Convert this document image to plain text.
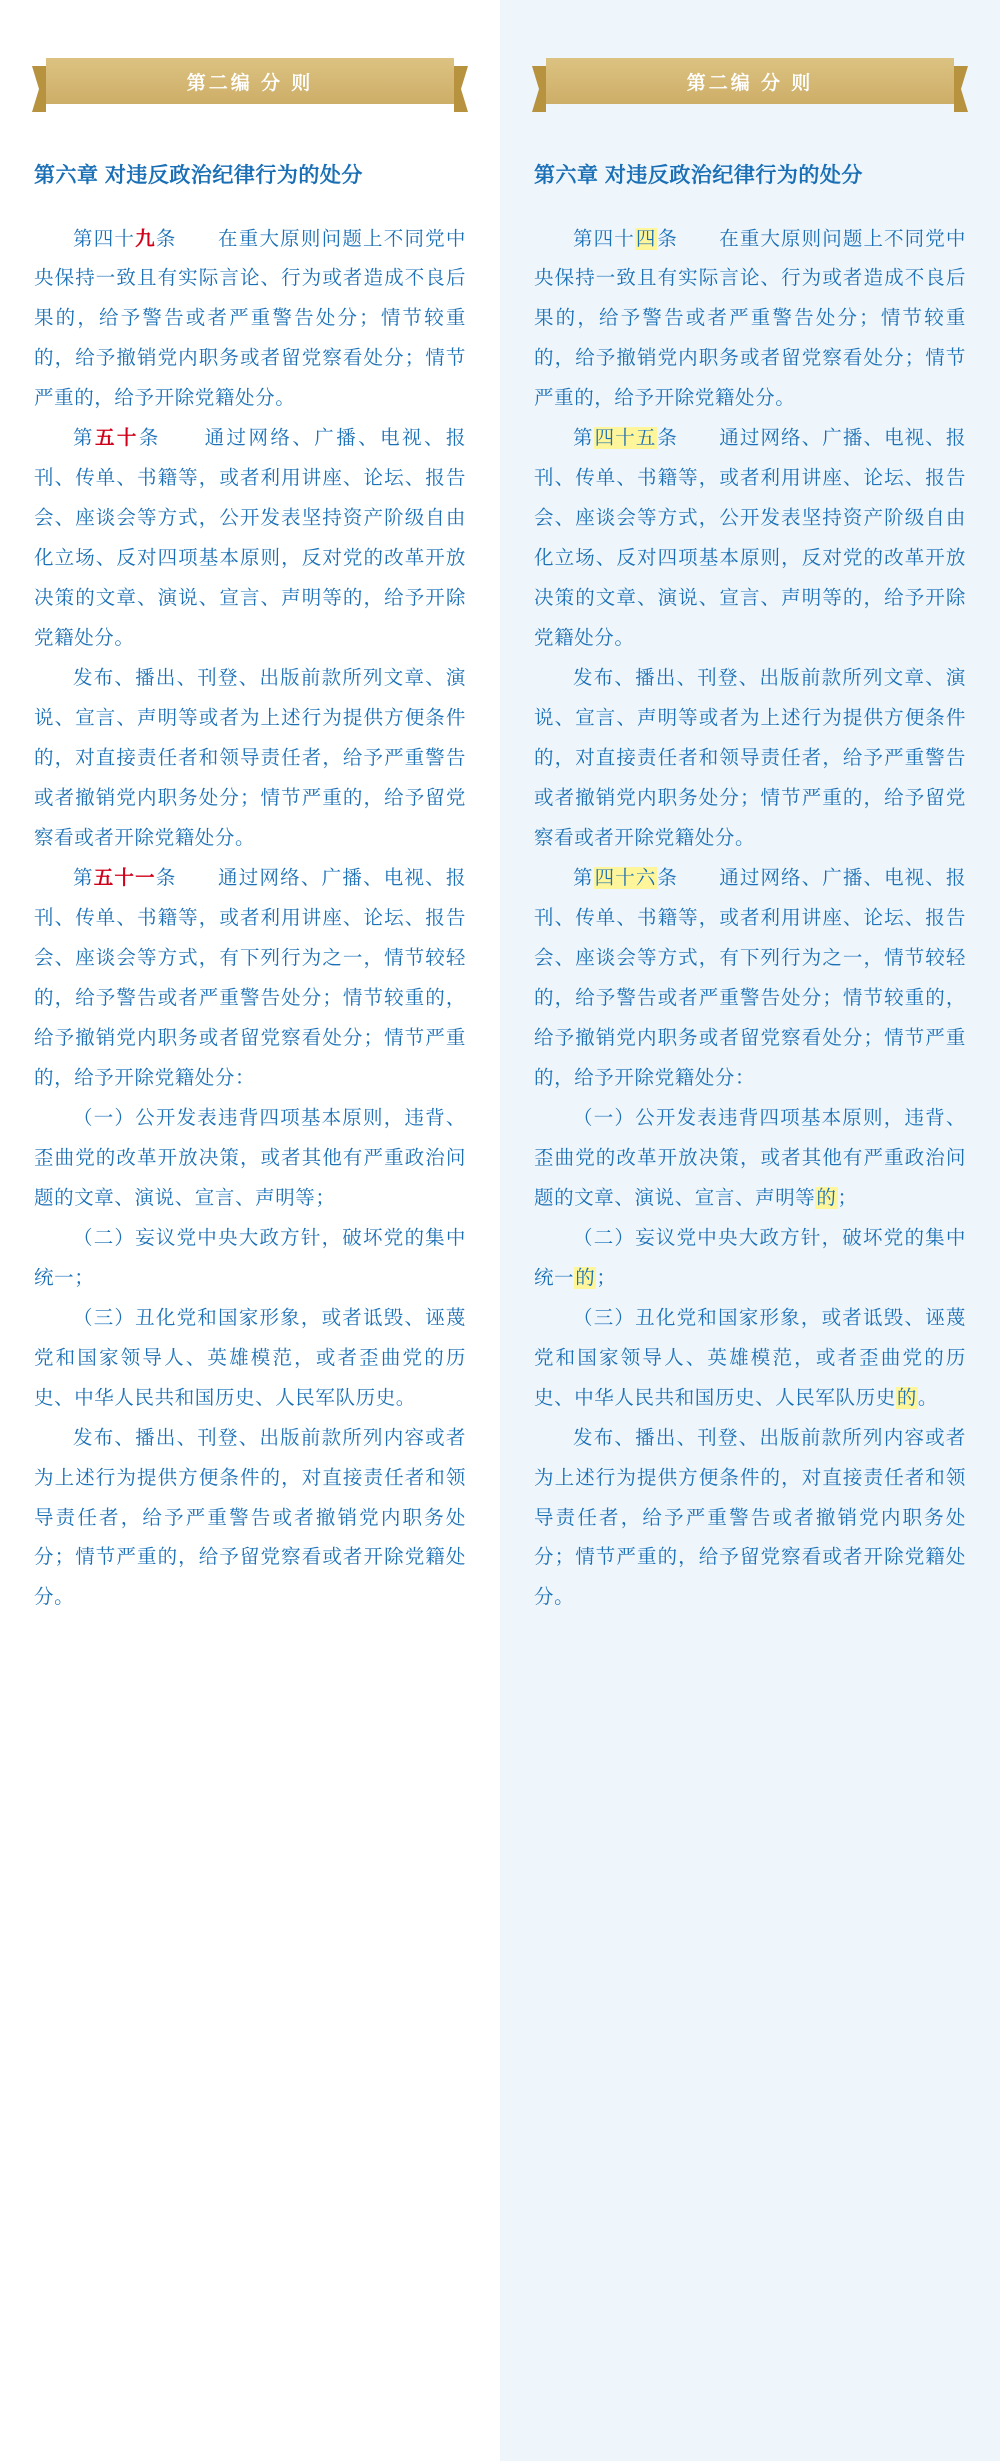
第二编 分 则
第六章 对违反政治纪律行为的处分

第四十九条　　 在重大原则问题上不同党中央保持一致且有实际言论、行为或者造成不良后果的，给予警告或者严重警告处分；情节较重的，给予撤销党内职务或者留党察看处分；情节严重的，给予开除党籍处分。

第五十条　　 通过网络、广播、电视、报刊、传单、书籍等，或者利用讲座、论坛、报告会、座谈会等方式，公开发表坚持资产阶级自由化立场、反对四项基本原则，反对党的改革开放决策的文章、演说、宣言、声明等的，给予开除党籍处分。

发布、播出、刊登、出版前款所列文章、演说、宣言、声明等或者为上述行为提供方便条件的，对直接责任者和领导责任者，给予严重警告或者撤销党内职务处分；情节严重的，给予留党察看或者开除党籍处分。

第五十一条　　 通过网络、广播、电视、报刊、传单、书籍等，或者利用讲座、论坛、报告会、座谈会等方式，有下列行为之一，情节较轻的，给予警告或者严重警告处分；情节较重的，给予撤销党内职务或者留党察看处分；情节严重的，给予开除党籍处分：

（一）公开发表违背四项基本原则，违背、歪曲党的改革开放决策，或者其他有严重政治问题的文章、演说、宣言、声明等；

（二）妄议党中央大政方针，破坏党的集中统一；

（三）丑化党和国家形象，或者诋毁、诬蔑党和国家领导人、英雄模范，或者歪曲党的历史、中华人民共和国历史、人民军队历史。

发布、播出、刊登、出版前款所列内容或者为上述行为提供方便条件的，对直接责任者和领导责任者，给予严重警告或者撤销党内职务处分；情节严重的，给予留党察看或者开除党籍处分。

第二编 分 则
第六章 对违反政治纪律行为的处分

第四十四条　　 在重大原则问题上不同党中央保持一致且有实际言论、行为或者造成不良后果的，给予警告或者严重警告处分；情节较重的，给予撤销党内职务或者留党察看处分；情节严重的，给予开除党籍处分。

第四十五条　　 通过网络、广播、电视、报刊、传单、书籍等，或者利用讲座、论坛、报告会、座谈会等方式，公开发表坚持资产阶级自由化立场、反对四项基本原则，反对党的改革开放决策的文章、演说、宣言、声明等的，给予开除党籍处分。

发布、播出、刊登、出版前款所列文章、演说、宣言、声明等或者为上述行为提供方便条件的，对直接责任者和领导责任者，给予严重警告或者撤销党内职务处分；情节严重的，给予留党察看或者开除党籍处分。

第四十六条　　 通过网络、广播、电视、报刊、传单、书籍等，或者利用讲座、论坛、报告会、座谈会等方式，有下列行为之一，情节较轻的，给予警告或者严重警告处分；情节较重的，给予撤销党内职务或者留党察看处分；情节严重的，给予开除党籍处分：

（一）公开发表违背四项基本原则，违背、歪曲党的改革开放决策，或者其他有严重政治问题的文章、演说、宣言、声明等的；

（二）妄议党中央大政方针，破坏党的集中统一的；

（三）丑化党和国家形象，或者诋毁、诬蔑党和国家领导人、英雄模范，或者歪曲党的历史、中华人民共和国历史、人民军队历史的。

发布、播出、刊登、出版前款所列内容或者为上述行为提供方便条件的，对直接责任者和领导责任者，给予严重警告或者撤销党内职务处分；情节严重的，给予留党察看或者开除党籍处分。
